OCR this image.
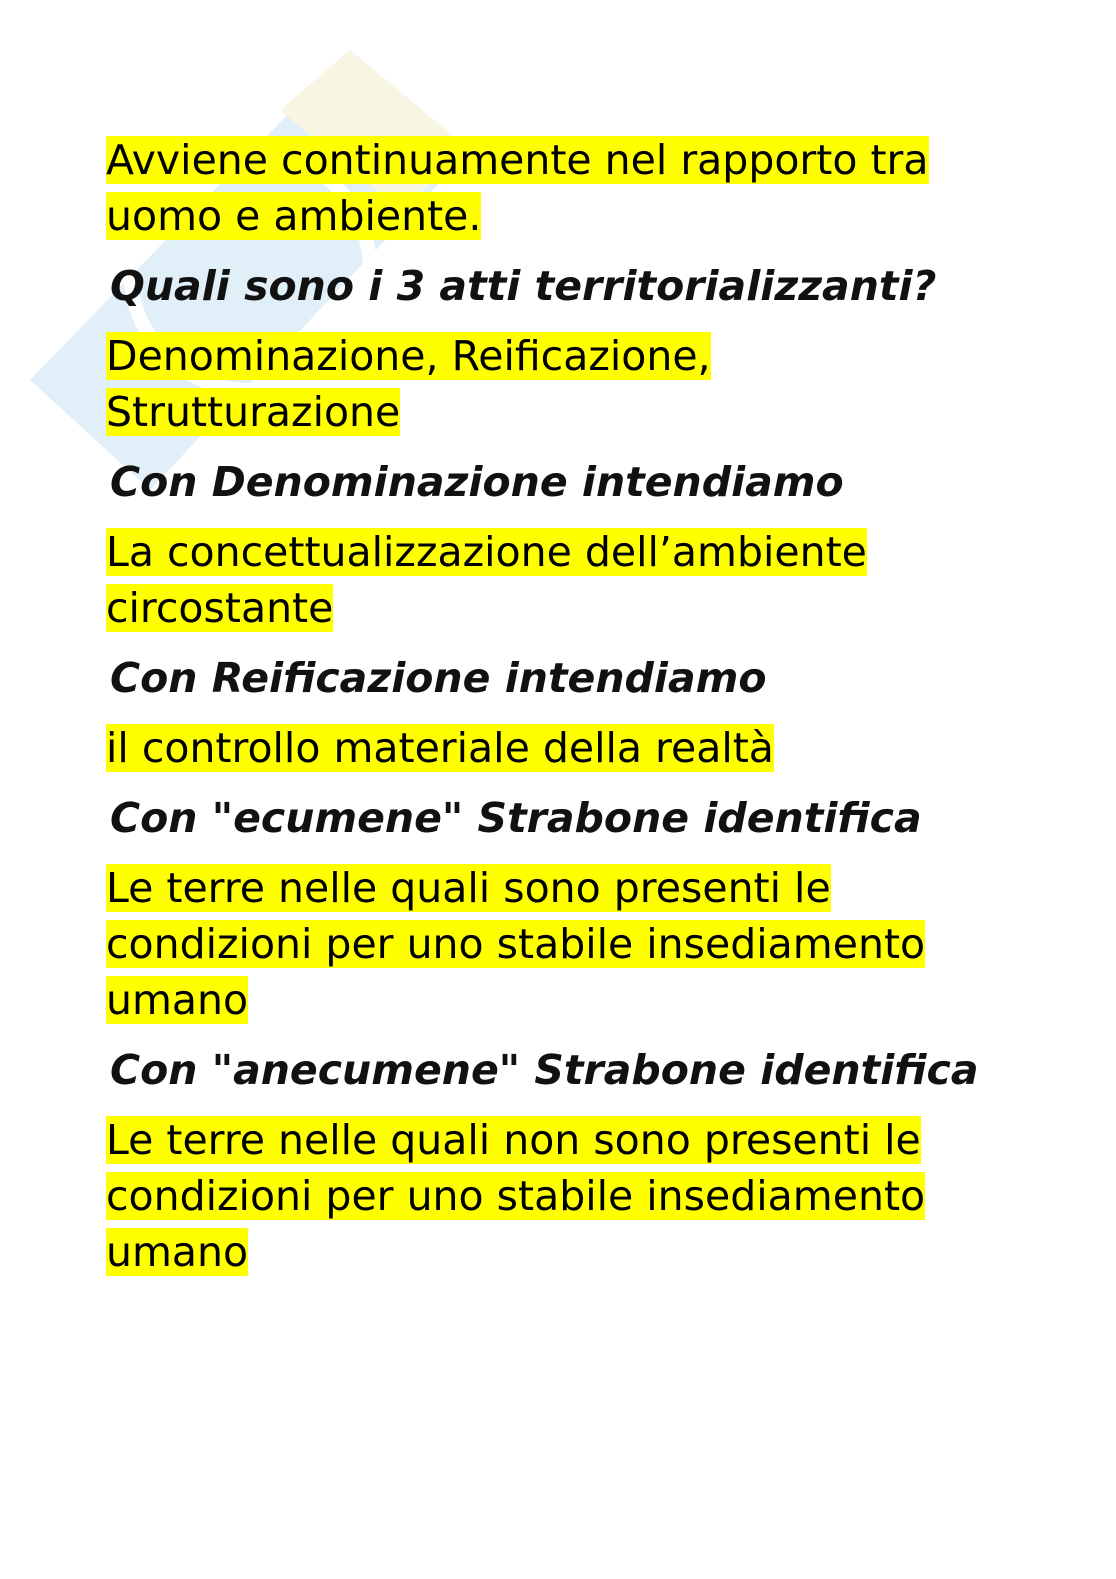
Avviene continuamente nel rapporto tra uomo e ambiente.

Quali sono i 3 atti territorializzanti?

Denominazione, Reificazione, Strutturazione

Con Denominazione intendiamo

La concettualizzazione dell’ambiente circostante

Con Reificazione intendiamo

il controllo materiale della realtà

Con "ecumene" Strabone identifica

Le terre nelle quali sono presenti le condizioni per uno stabile insediamento umano

Con "anecumene" Strabone identifica

Le terre nelle quali non sono presenti le condizioni per uno stabile insediamento umano
